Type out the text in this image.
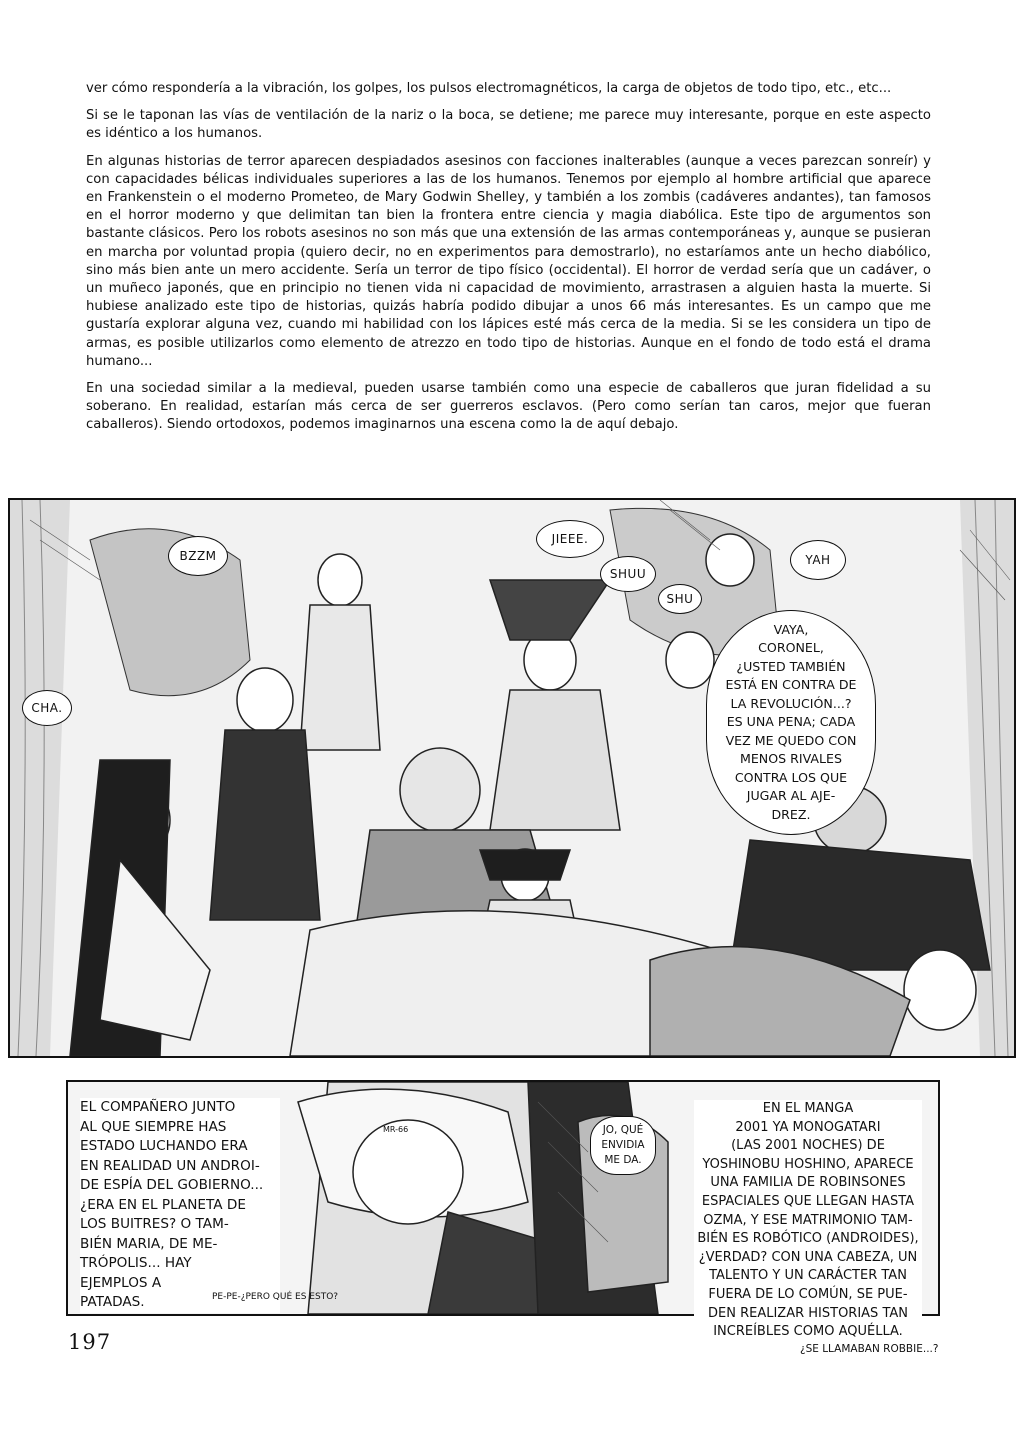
ver cómo respondería a la vibración, los golpes, los pulsos electromagnéticos, la carga de objetos de todo tipo, etc., etc...

Si se le taponan las vías de ventilación de la nariz o la boca, se detiene; me parece muy interesante, porque en este aspecto es idéntico a los humanos.

En algunas historias de terror aparecen despiadados asesinos con facciones inalterables (aunque a veces parezcan sonreír) y con capacidades bélicas individuales superiores a las de los humanos. Tenemos por ejemplo al hombre artificial que aparece en Frankenstein o el moderno Prometeo, de Mary Godwin Shelley, y también a los zombis (cadáveres andantes), tan famosos en el horror moderno y que delimitan tan bien la frontera entre ciencia y magia diabólica. Este tipo de argumentos son bastante clásicos. Pero los robots asesinos no son más que una extensión de las armas contemporáneas y, aunque se pusieran en marcha por voluntad propia (quiero decir, no en experimentos para demostrarlo), no estaríamos ante un hecho diabólico, sino más bien ante un mero accidente. Sería un terror de tipo físico (occidental). El horror de verdad sería que un cadáver, o un muñeco japonés, que en principio no tienen vida ni capacidad de movimiento, arrastrasen a alguien hasta la muerte. Si hubiese analizado este tipo de historias, quizás habría podido dibujar a unos 66 más interesantes. Es un campo que me gustaría explorar alguna vez, cuando mi habilidad con los lápices esté más cerca de la media. Si se les considera un tipo de armas, es posible utilizarlos como elemento de atrezzo en todo tipo de historias. Aunque en el fondo de todo está el drama humano...

En una sociedad similar a la medieval, pueden usarse también como una especie de caballeros que juran fidelidad a su soberano. En realidad, estarían más cerca de ser guerreros esclavos. (Pero como serían tan caros, mejor que fueran caballeros). Siendo ortodoxos, podemos imaginarnos una escena como la de aquí debajo.

BZZM
JIEEE.
SHUU
SHU
YAH
CHA.
VAYA,
CORONEL,
¿USTED TAMBIÉN
ESTÁ EN CONTRA DE
LA REVOLUCIÓN...?
ES UNA PENA; CADA
VEZ ME QUEDO CON
MENOS RIVALES
CONTRA LOS QUE
JUGAR AL AJE-
DREZ.
MR-66
EL COMPAÑERO JUNTO
AL QUE SIEMPRE HAS
ESTADO LUCHANDO ERA
EN REALIDAD UN ANDROI-
DE ESPÍA DEL GOBIERNO...
¿ERA EN EL PLANETA DE
LOS BUITRES? O TAM-
BIÉN MARIA, DE ME-
TRÓPOLIS... HAY
EJEMPLOS A
PATADAS.
JO, QUÉ
ENVIDIA
ME DA.
EN EL MANGA
2001 YA MONOGATARI
(LAS 2001 NOCHES) DE
YOSHINOBU HOSHINO, APARECE
UNA FAMILIA DE ROBINSONES
ESPACIALES QUE LLEGAN HASTA
OZMA, Y ESE MATRIMONIO TAM-
BIÉN ES ROBÓTICO (ANDROIDES),
¿VERDAD? CON UNA CABEZA, UN
TALENTO Y UN CARÁCTER TAN
FUERA DE LO COMÚN, SE PUE-
DEN REALIZAR HISTORIAS TAN
INCREÍBLES COMO AQUÉLLA.
PE-PE-¿PERO QUÉ ES ESTO?
¿SE LLAMABAN ROBBIE...?
197
